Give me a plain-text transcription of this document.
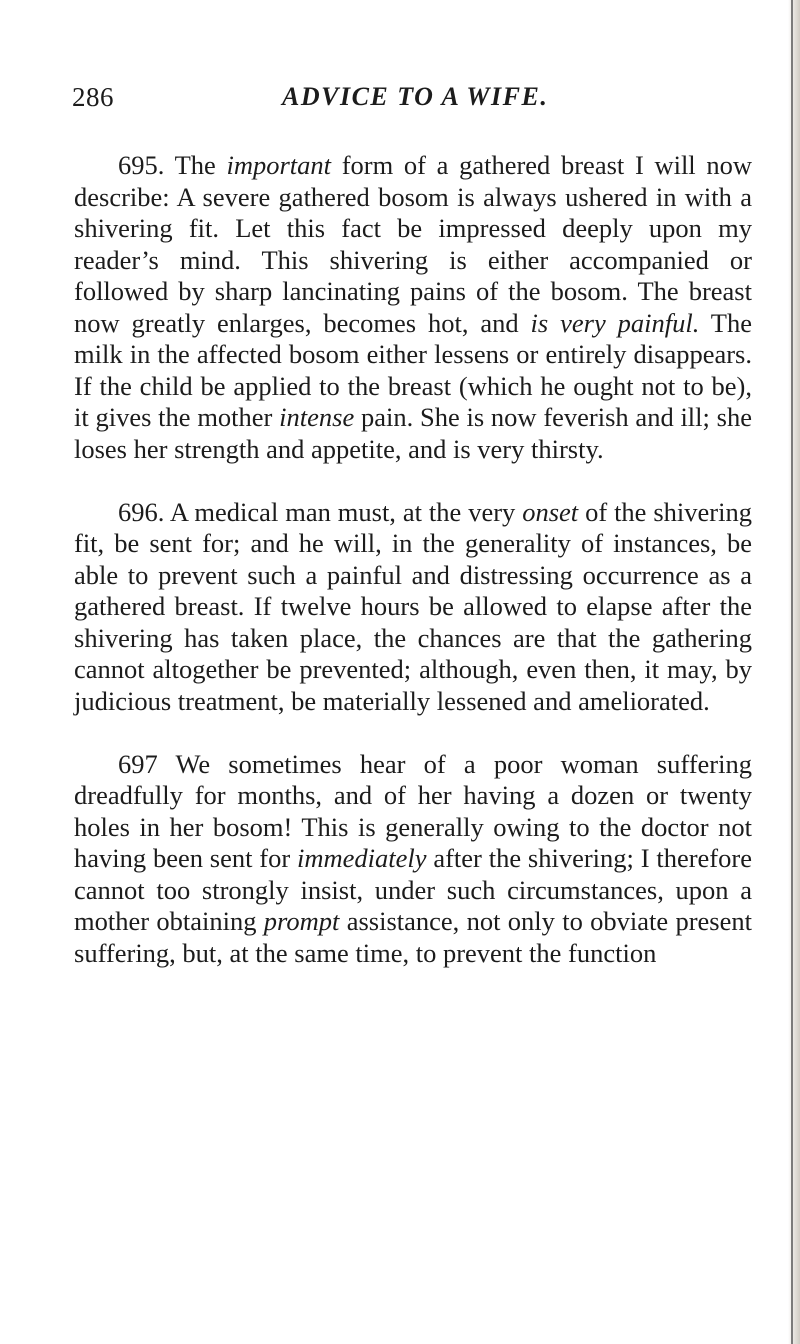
286	ADVICE TO A WIFE.

695. The important form of a gathered breast I will now describe: A severe gathered bosom is always ushered in with a shivering fit. Let this fact be impressed deeply upon my reader’s mind. This shivering is either accompanied or followed by sharp lancinating pains of the bosom. The breast now greatly enlarges, becomes hot, and is very painful. The milk in the affected bosom either lessens or entirely disappears. If the child be applied to the breast (which he ought not to be), it gives the mother intense pain. She is now feverish and ill; she loses her strength and appetite, and is very thirsty.

696. A medical man must, at the very onset of the shivering fit, be sent for; and he will, in the generality of instances, be able to prevent such a painful and distressing occurrence as a gathered breast. If twelve hours be allowed to elapse after the shivering has taken place, the chances are that the gathering cannot altogether be prevented; although, even then, it may, by judicious treatment, be materially lessened and ameliorated.

697 We sometimes hear of a poor woman suffering dreadfully for months, and of her having a dozen or twenty holes in her bosom! This is generally owing to the doctor not having been sent for immediately after the shivering; I therefore cannot too strongly insist, under such circumstances, upon a mother obtaining prompt assistance, not only to obviate present suffering, but, at the same time, to prevent the function
